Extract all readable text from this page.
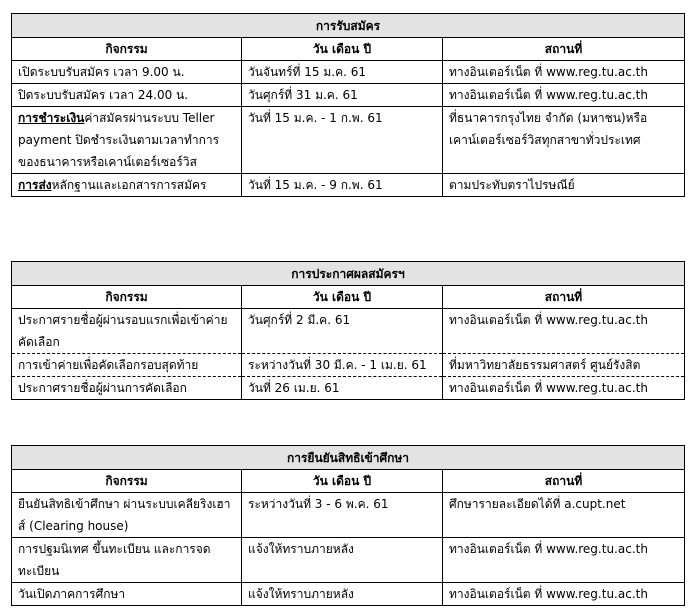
การรับสมัคร		
กิจกรรม	วัน เดือน ปี	สถานที่
เปิดระบบรับสมัคร เวลา 9.00 น.	วันจันทร์ที่ 15 ม.ค. 61	ทางอินเตอร์เน็ต ที่ www.reg.tu.ac.th
ปิดระบบรับสมัคร เวลา 24.00 น.	วันศุกร์ที่ 31 ม.ค. 61	ทางอินเตอร์เน็ต ที่ www.reg.tu.ac.th
การชำระเงินค่าสมัครผ่านระบบ Teller payment ปิดชำระเงินตามเวลาทำการของธนาคารหรือเคาน์เตอร์เซอร์วิส	วันที่ 15 ม.ค. - 1 ก.พ. 61	ที่ธนาคารกรุงไทย จำกัด (มหาชน)หรือเคาน์เตอร์เซอร์วิสทุกสาขาทั่วประเทศ
การส่งหลักฐานและเอกสารการสมัคร	วันที่ 15 ม.ค. - 9 ก.พ. 61	ตามประทับตราไปรษณีย์
การประกาศผลสมัครฯ		
กิจกรรม	วัน เดือน ปี	สถานที่
ประกาศรายชื่อผู้ผ่านรอบแรกเพื่อเข้าค่ายคัดเลือก	วันศุกร์ที่ 2 มี.ค. 61	ทางอินเตอร์เน็ต ที่ www.reg.tu.ac.th
การเข้าค่ายเพื่อคัดเลือกรอบสุดท้าย	ระหว่างวันที่ 30 มี.ค. - 1 เม.ย. 61	ที่มหาวิทยาลัยธรรมศาสตร์ ศูนย์รังสิต
ประกาศรายชื่อผู้ผ่านการคัดเลือก	วันที่ 26 เม.ย. 61	ทางอินเตอร์เน็ต ที่ www.reg.tu.ac.th
การยืนยันสิทธิเข้าศึกษา		
กิจกรรม	วัน เดือน ปี	สถานที่
ยืนยันสิทธิเข้าศึกษา ผ่านระบบเคลียริงเฮาส์ (Clearing house)	ระหว่างวันที่ 3 - 6 พ.ค. 61	ศึกษารายละเอียดได้ที่ a.cupt.net
การปฐมนิเทศ ขึ้นทะเบียน และการจดทะเบียน	แจ้งให้ทราบภายหลัง	ทางอินเตอร์เน็ต ที่ www.reg.tu.ac.th
วันเปิดภาคการศึกษา	แจ้งให้ทราบภายหลัง	ทางอินเตอร์เน็ต ที่ www.reg.tu.ac.th
